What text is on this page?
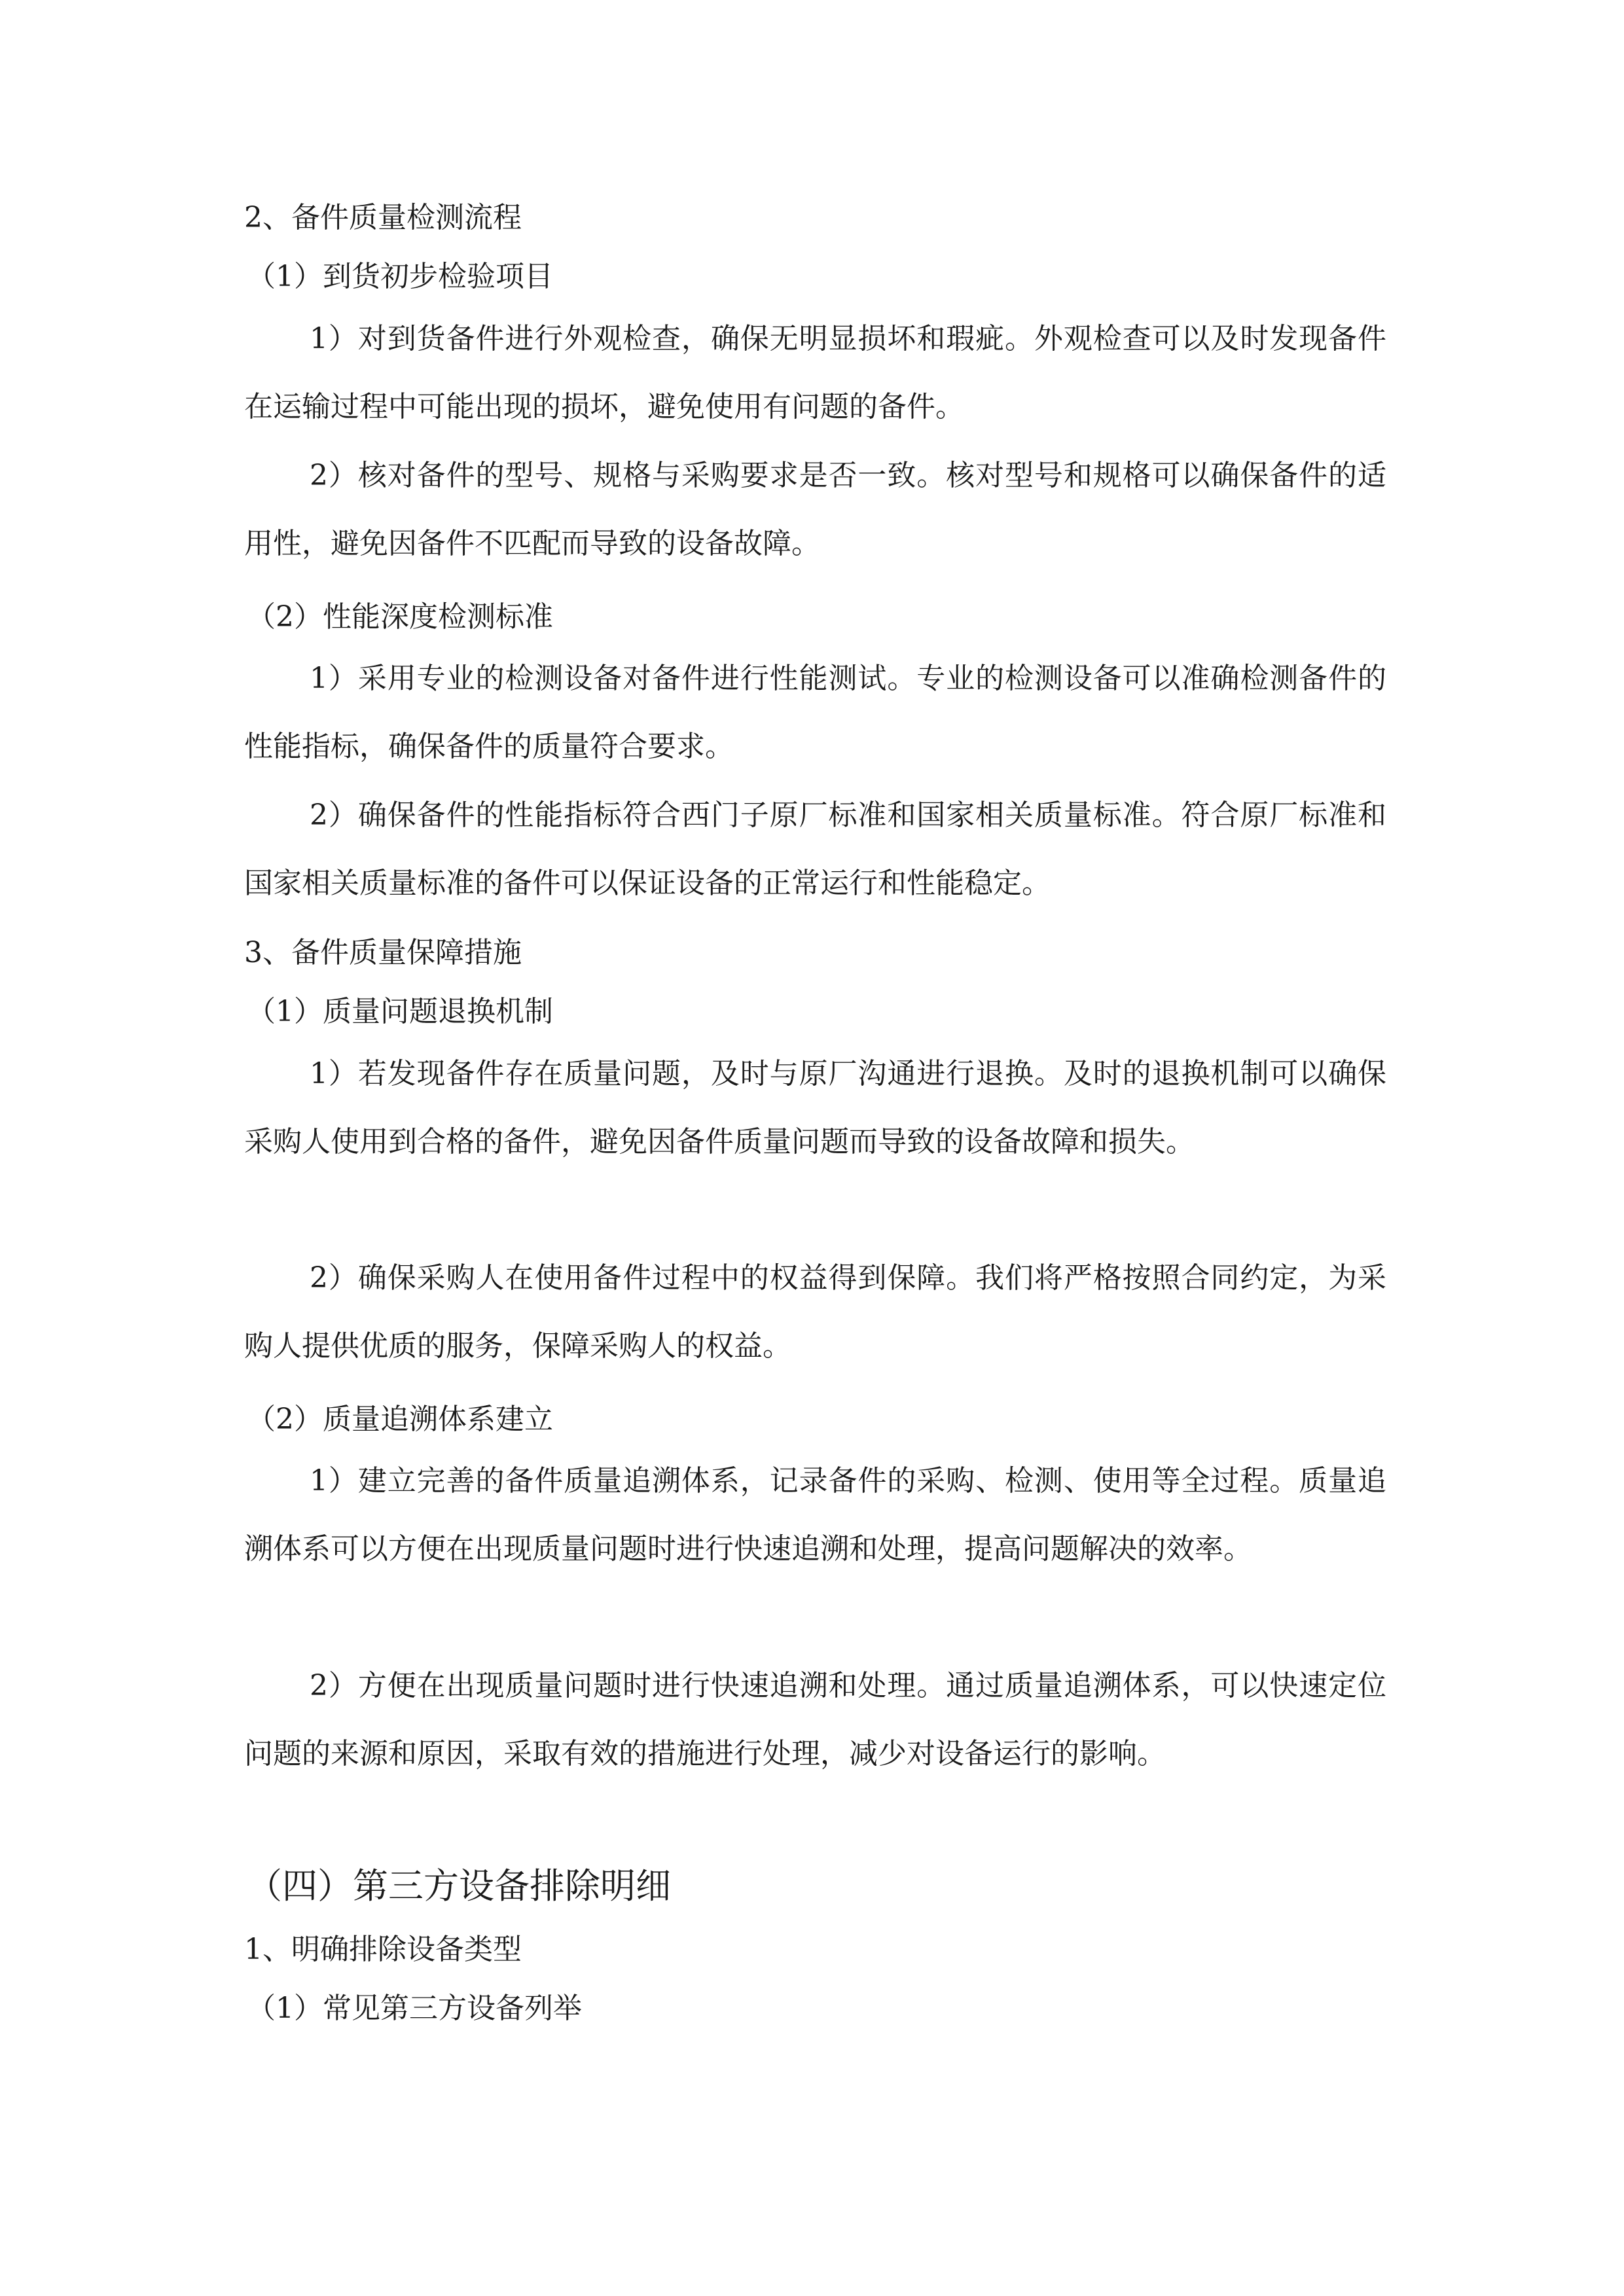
2、备件质量检测流程
（1）到货初步检验项目

1）对到货备件进行外观检查，确保无明显损坏和瑕疵。外观检查可以及时发现备件在运输过程中可能出现的损坏，避免使用有问题的备件。

2）核对备件的型号、规格与采购要求是否一致。核对型号和规格可以确保备件的适用性，避免因备件不匹配而导致的设备故障。

（2）性能深度检测标准

1）采用专业的检测设备对备件进行性能测试。专业的检测设备可以准确检测备件的性能指标，确保备件的质量符合要求。

2）确保备件的性能指标符合西门子原厂标准和国家相关质量标准。符合原厂标准和国家相关质量标准的备件可以保证设备的正常运行和性能稳定。

3、备件质量保障措施
（1）质量问题退换机制

1）若发现备件存在质量问题，及时与原厂沟通进行退换。及时的退换机制可以确保采购人使用到合格的备件，避免因备件质量问题而导致的设备故障和损失。

2）确保采购人在使用备件过程中的权益得到保障。我们将严格按照合同约定，为采购人提供优质的服务，保障采购人的权益。

（2）质量追溯体系建立

1）建立完善的备件质量追溯体系，记录备件的采购、检测、使用等全过程。质量追溯体系可以方便在出现质量问题时进行快速追溯和处理，提高问题解决的效率。

2）方便在出现质量问题时进行快速追溯和处理。通过质量追溯体系，可以快速定位问题的来源和原因，采取有效的措施进行处理，减少对设备运行的影响。

（四）第三方设备排除明细
1、明确排除设备类型
（1）常见第三方设备列举
